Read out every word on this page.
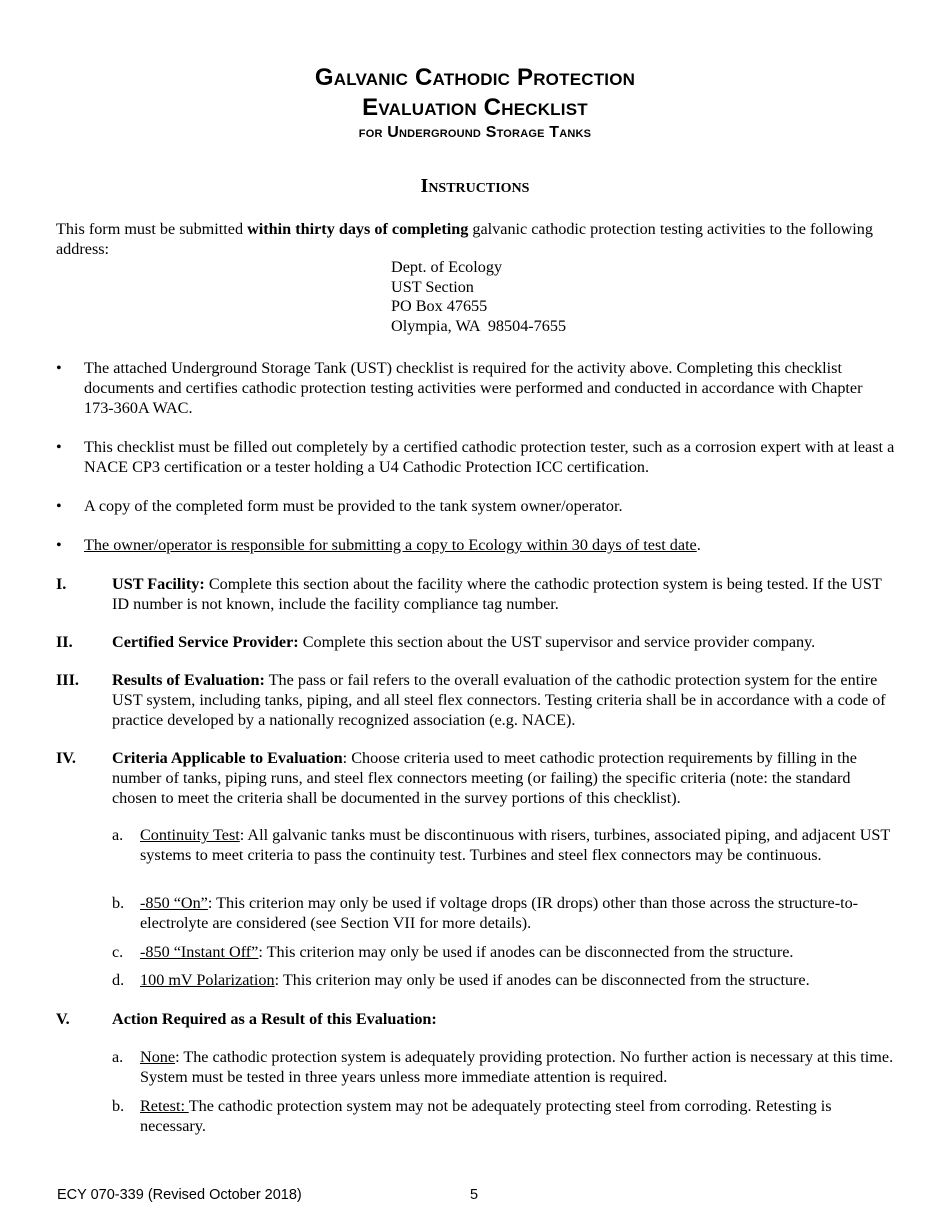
Galvanic Cathodic Protection
Evaluation Checklist
for Underground Storage Tanks
Instructions
This form must be submitted within thirty days of completing galvanic cathodic protection testing activities to the following address:
Dept. of Ecology
UST Section
PO Box 47655
Olympia, WA  98504-7655
• The attached Underground Storage Tank (UST) checklist is required for the activity above. Completing this checklist documents and certifies cathodic protection testing activities were performed and conducted in accordance with Chapter 173-360A WAC.
• This checklist must be filled out completely by a certified cathodic protection tester, such as a corrosion expert with at least a NACE CP3 certification or a tester holding a U4 Cathodic Protection ICC certification.
• A copy of the completed form must be provided to the tank system owner/operator.
• The owner/operator is responsible for submitting a copy to Ecology within 30 days of test date.
I.	UST Facility: Complete this section about the facility where the cathodic protection system is being tested. If the UST ID number is not known, include the facility compliance tag number.
II. Certified Service Provider: Complete this section about the UST supervisor and service provider company.
III. Results of Evaluation: The pass or fail refers to the overall evaluation of the cathodic protection system for the entire UST system, including tanks, piping, and all steel flex connectors. Testing criteria shall be in accordance with a code of practice developed by a nationally recognized association (e.g. NACE).
IV. Criteria Applicable to Evaluation: Choose criteria used to meet cathodic protection requirements by filling in the number of tanks, piping runs, and steel flex connectors meeting (or failing) the specific criteria (note: the standard chosen to meet the criteria shall be documented in the survey portions of this checklist).
a. Continuity Test: All galvanic tanks must be discontinuous with risers, turbines, associated piping, and adjacent UST systems to meet criteria to pass the continuity test. Turbines and steel flex connectors may be continuous.
b. -850 “On”: This criterion may only be used if voltage drops (IR drops) other than those across the structure-to-electrolyte are considered (see Section VII for more details).
c. -850 “Instant Off”: This criterion may only be used if anodes can be disconnected from the structure.
d. 100 mV Polarization: This criterion may only be used if anodes can be disconnected from the structure.
V.	Action Required as a Result of this Evaluation:
a. None: The cathodic protection system is adequately providing protection. No further action is necessary at this time. System must be tested in three years unless more immediate attention is required.
b. Retest: The cathodic protection system may not be adequately protecting steel from corroding. Retesting is necessary.
ECY 070-339 (Revised October 2018)	5
